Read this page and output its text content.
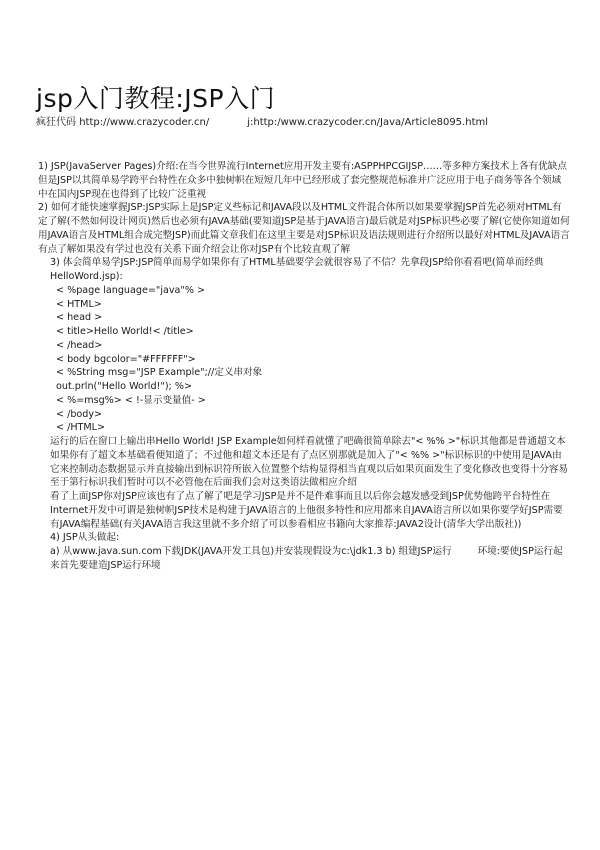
jsp入门教程:JSP入门
疯狂代码 http://www.crazycoder.cn/	j:http:/www.crazycoder.cn/Java/Article8095.html

1) JSP(JavaServer Pages)介绍:在当今世界流行Internet应用开发主要有:ASPPHPCGIJSP……等多种方案技术上各有优缺点但是JSP以其简单易学跨平台特性在众多中独树帜在短短几年中已经形成了套完整规范标准并广泛应用于电子商务等各个领域中在国内JSP现在也得到了比较广泛重视

2) 如何才能快速掌握JSP:JSP实际上是JSP定义些标记和JAVA段以及HTML文件混合体所以如果要掌握JSP首先必须对HTML有定了解(不然如何设计网页)然后也必须有JAVA基础(要知道JSP是基于JAVA语言)最后就是对JSP标识些必要了解(它使你知道如何用JAVA语言及HTML组合成完整JSP)而此篇文章我们在这里主要是对JSP标识及语法规则进行介绍所以最好对HTML及JAVA语言有点了解如果没有学过也没有关系下面介绍会让你对JSP有个比较直观了解

3) 体会简单易学JSP:JSP简单而易学如果你有了HTML基础要学会就很容易了不信？先拿段JSP给你看看吧(简单而经典HelloWord.jsp):

< %page language="java"% >

< HTML>

< head >

< title>Hello World!< /title>

< /head>

< body bgcolor="#FFFFFF">

< %String msg="JSP Example";//定义串对象

out.prln("Hello World!"); %>

< %=msg%> < !-显示变量值- >

< /body>

< /HTML>

运行的后在窗口上输出串Hello World! JSP Example如何样看就懂了吧确很简单除去"< %% >"标识其他都是普通超文本如果你有了超文本基础看便知道了；不过他和超文本还是有了点区别那就是加入了"< %% >"标识标识的中使用是JAVA由它来控制动态数据显示并直接输出到标识符所嵌入位置整个结构显得相当直观以后如果页面发生了变化修改也变得十分容易至于第行标识我们暂时可以不必管他在后面我们会对这类语法做相应介绍

看了上面JSP你对JSP应该也有了点了解了吧是学习JSP是并不是件难事而且以后你会越发感受到JSP优势他跨平台特性在Internet开发中可谓是独树帜JSP技术是构建于JAVA语言的上他很多特性和应用都来自JAVA语言所以如果你要学好JSP需要有JAVA编程基础(有关JAVA语言我这里就不多介绍了可以参看相应书籍向大家推荐:JAVA2设计(清华大学出版社))

4) JSP从头做起:

a) 从www.java.sun.com下载JDK(JAVA开发工具包)并安装现假设为c:\jdk1.3 b) 组建JSP运行	环境:要使JSP运行起来首先要建造JSP运行环境
